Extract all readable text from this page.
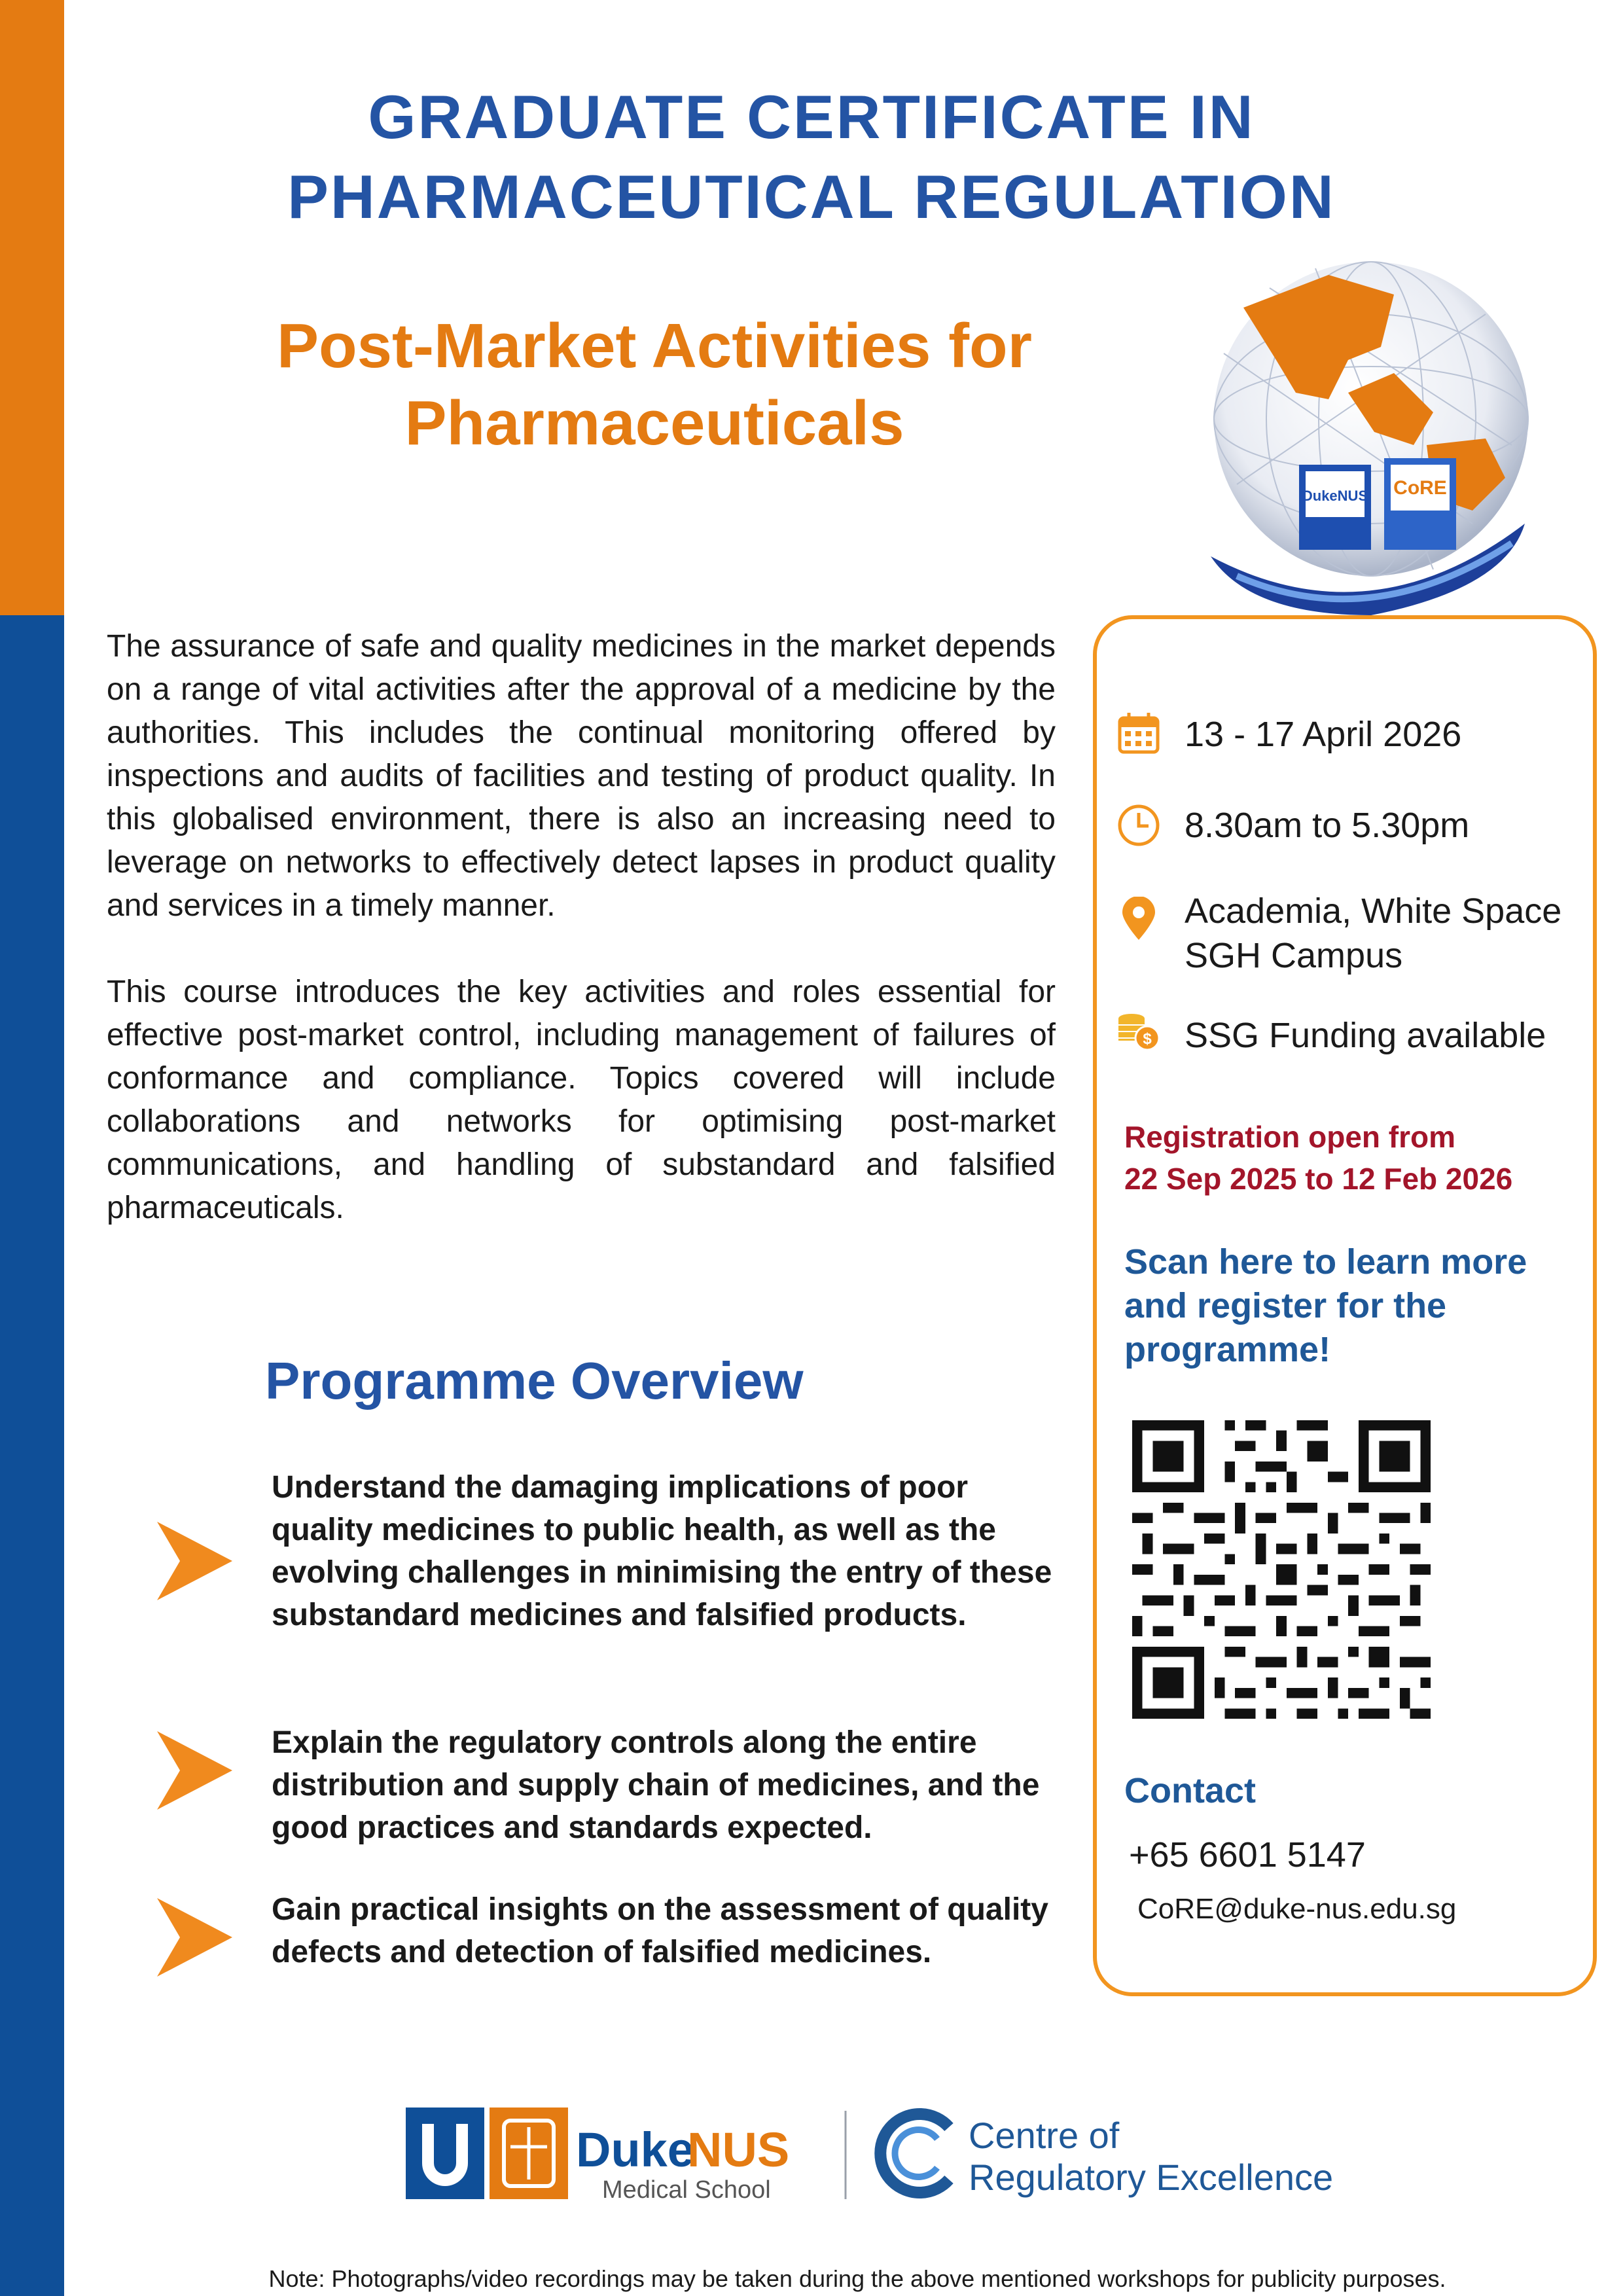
GRADUATE CERTIFICATE IN
PHARMACEUTICAL REGULATION
Post-Market Activities for
Pharmaceuticals
DukeNUS CoRE

The assurance of safe and quality medicines in the market depends on a range of vital activities after the approval of a medicine by the authorities. This includes the continual monitoring offered by inspections and audits of facilities and testing of product quality. In this globalised environment, there is also an increasing need to leverage on networks to effectively detect lapses in product quality and services in a timely manner.

This course introduces the key activities and roles essential for effective post-market control, including management of failures of conformance and compliance. Topics covered will include collaborations and networks for optimising post-market communications, and handling of substandard and falsified pharmaceuticals.

Programme Overview
Understand the damaging implications of poor quality medicines to public health, as well as the evolving challenges in minimising the entry of these substandard medicines and falsified products.
Explain the regulatory controls along the entire distribution and supply chain of medicines, and the good practices and standards expected.
Gain practical insights on the assessment of quality defects and detection of falsified medicines.
13 - 17 April 2026
8.30am to 5.30pm
Academia, White Space
SGH Campus
$ SSG Funding available
Registration open from
22 Sep 2025 to 12 Feb 2026
Scan here to learn more
and register for the
programme!
Contact
+65 6601 5147
CoRE@duke-nus.edu.sg
Duke
NUS
Medical School
Centre of
Regulatory Excellence
Note: Photographs/video recordings may be taken during the above mentioned workshops for publicity purposes.
